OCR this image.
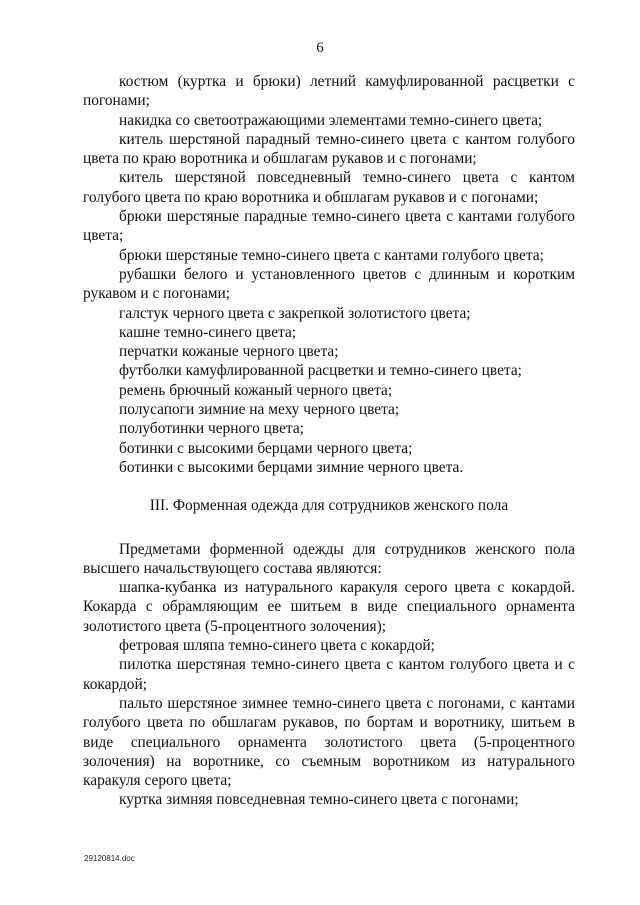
6

костюм (куртка и брюки) летний камуфлированной расцветки с погонами;

накидка со светоотражающими элементами темно-синего цвета;

китель шерстяной парадный темно-синего цвета с кантом голубого цвета по краю воротника и обшлагам рукавов и с погонами;

китель шерстяной повседневный темно-синего цвета с кантом голубого цвета по краю воротника и обшлагам рукавов и с погонами;

брюки шерстяные парадные темно-синего цвета с кантами голубого цвета;

брюки шерстяные темно-синего цвета с кантами голубого цвета;

рубашки белого и установленного цветов с длинным и коротким рукавом и с погонами;

галстук черного цвета с закрепкой золотистого цвета;

кашне темно-синего цвета;

перчатки кожаные черного цвета;

футболки камуфлированной расцветки и темно-синего цвета;

ремень брючный кожаный черного цвета;

полусапоги зимние на меху черного цвета;

полуботинки черного цвета;

ботинки с высокими берцами черного цвета;

ботинки с высокими берцами зимние черного цвета.

III. Форменная одежда для сотрудников женского пола

Предметами форменной одежды для сотрудников женского пола высшего начальствующего состава являются:

шапка-кубанка из натурального каракуля серого цвета с кокардой. Кокарда с обрамляющим ее шитьем в виде специального орнамента золотистого цвета (5-процентного золочения);

фетровая шляпа темно-синего цвета с кокардой;

пилотка шерстяная темно-синего цвета с кантом голубого цвета и с кокардой;

пальто шерстяное зимнее темно-синего цвета с погонами, с кантами голубого цвета по обшлагам рукавов, по бортам и воротнику, шитьем в виде специального орнамента золотистого цвета (5-процентного золочения) на воротнике, со съемным воротником из натурального каракуля серого цвета;

куртка зимняя повседневная темно-синего цвета с погонами;

29120814.doc
